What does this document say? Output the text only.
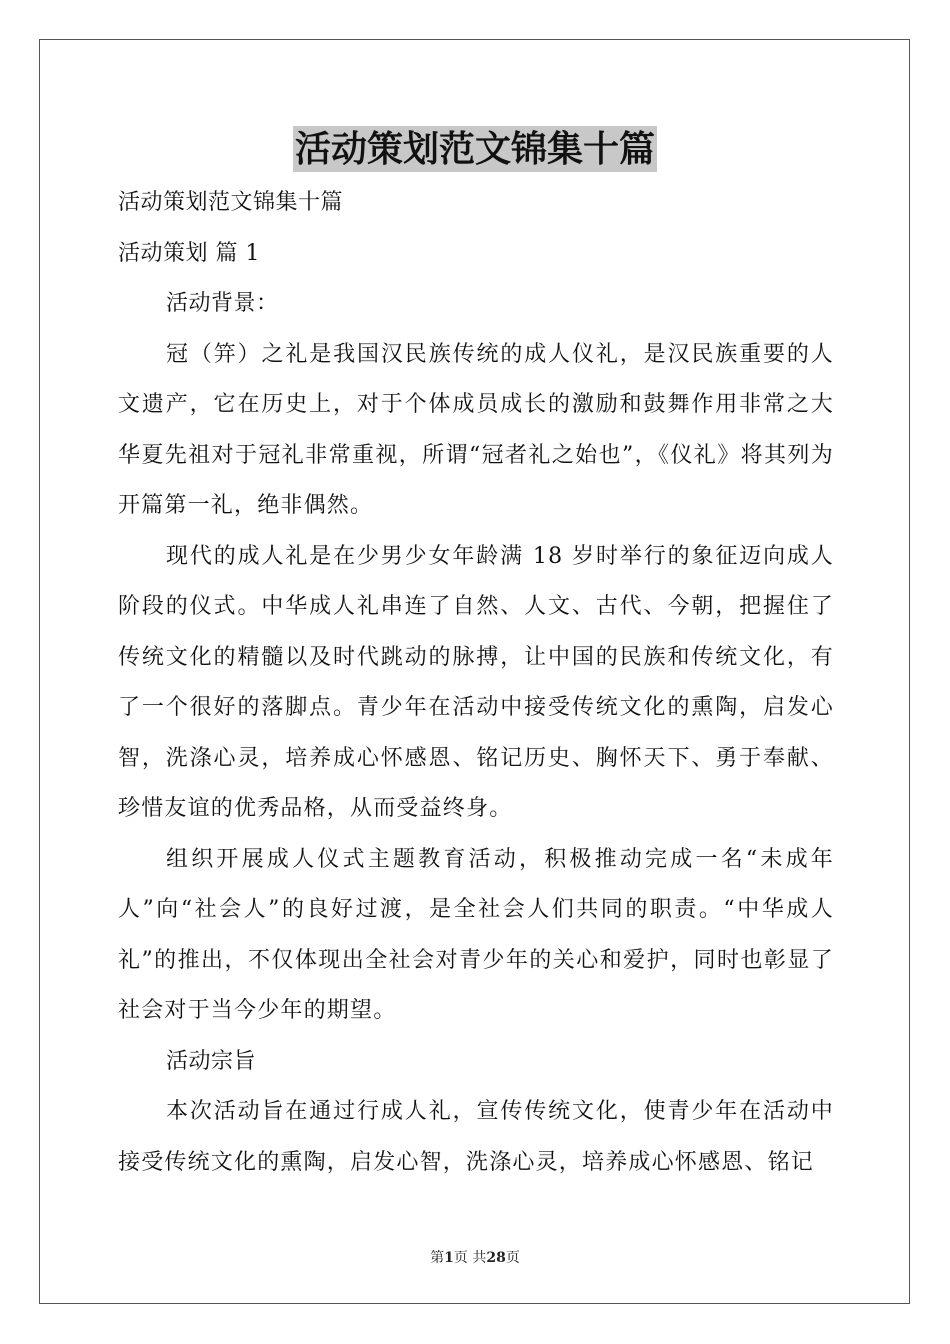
活动策划范文锦集十篇
活动策划范文锦集十篇
活动策划 篇 1
活动背景：

冠（笄）之礼是我国汉民族传统的成人仪礼，是汉民族重要的人文遗产，它在历史上，对于个体成员成长的激励和鼓舞作用非常之大华夏先祖对于冠礼非常重视，所谓“冠者礼之始也”，《仪礼》将其列为开篇第一礼，绝非偶然。

现代的成人礼是在少男少女年龄满 18 岁时举行的象征迈向成人阶段的仪式。中华成人礼串连了自然、人文、古代、今朝，把握住了传统文化的精髓以及时代跳动的脉搏，让中国的民族和传统文化，有了一个很好的落脚点。青少年在活动中接受传统文化的熏陶，启发心智，洗涤心灵，培养成心怀感恩、铭记历史、胸怀天下、勇于奉献、珍惜友谊的优秀品格，从而受益终身。

组织开展成人仪式主题教育活动，积极推动完成一名“未成年人”向“社会人”的良好过渡，是全社会人们共同的职责。“中华成人礼”的推出，不仅体现出全社会对青少年的关心和爱护，同时也彰显了社会对于当今少年的期望。

活动宗旨

本次活动旨在通过行成人礼，宣传传统文化，使青少年在活动中接受传统文化的熏陶，启发心智，洗涤心灵，培养成心怀感恩、铭记

第1页 共28页
